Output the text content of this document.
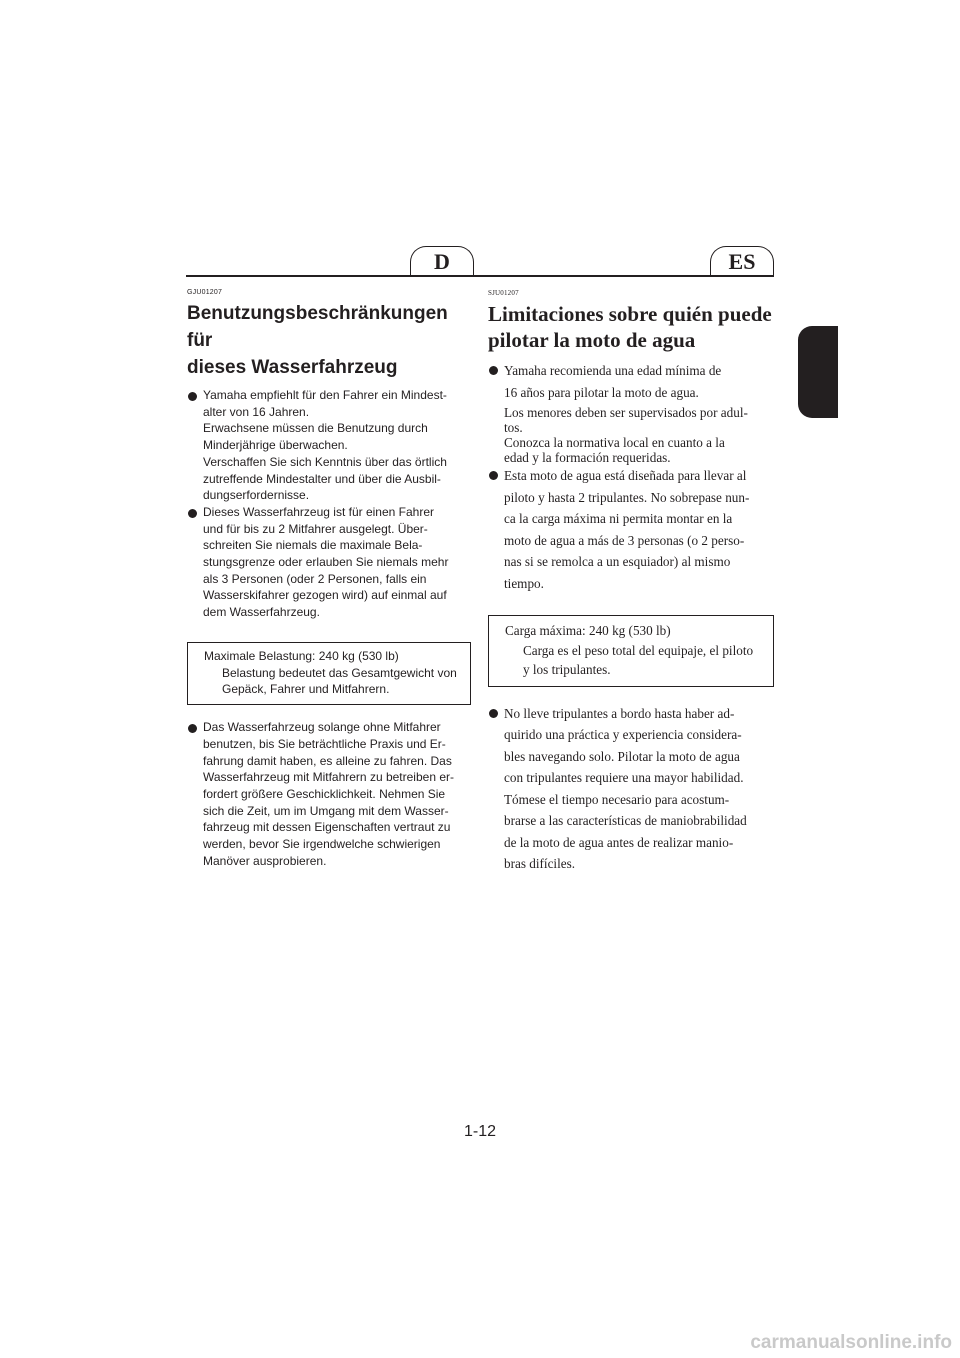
D	ES
GJU01207
Benutzungsbeschränkungen für
dieses Wasserfahrzeug

Yamaha empfiehlt für den Fahrer ein Mindest-
alter von 16 Jahren.
Erwachsene müssen die Benutzung durch
Minderjährige überwachen.
Verschaffen Sie sich Kenntnis über das örtlich
zutreffende Mindestalter und über die Ausbil-
dungserfordernisse.

Dieses Wasserfahrzeug ist für einen Fahrer
und für bis zu 2 Mitfahrer ausgelegt. Über-
schreiten Sie niemals die maximale Bela-
stungsgrenze oder erlauben Sie niemals mehr
als 3 Personen (oder 2 Personen, falls ein
Wasserskifahrer gezogen wird) auf einmal auf
dem Wasserfahrzeug.

Maximale Belastung: 240 kg (530 lb)
Belastung bedeutet das Gesamtgewicht von
Gepäck, Fahrer und Mitfahrern.

Das Wasserfahrzeug solange ohne Mitfahrer
benutzen, bis Sie beträchtliche Praxis und Er-
fahrung damit haben, es alleine zu fahren. Das
Wasserfahrzeug mit Mitfahrern zu betreiben er-
fordert größere Geschicklichkeit. Nehmen Sie
sich die Zeit, um im Umgang mit dem Wasser-
fahrzeug mit dessen Eigenschaften vertraut zu
werden, bevor Sie irgendwelche schwierigen
Manöver ausprobieren.

SJU01207
Limitaciones sobre quién puede
pilotar la moto de agua

Yamaha recomienda una edad mínima de
16 años para pilotar la moto de agua.

Los menores deben ser supervisados por adul-
tos.
Conozca la normativa local en cuanto a la
edad y la formación requeridas.

Esta moto de agua está diseñada para llevar al
piloto y hasta 2 tripulantes. No sobrepase nun-
ca la carga máxima ni permita montar en la
moto de agua a más de 3 personas (o 2 perso-
nas si se remolca a un esquiador) al mismo
tiempo.

Carga máxima: 240 kg (530 lb)
Carga es el peso total del equipaje, el piloto
y los tripulantes.

No lleve tripulantes a bordo hasta haber ad-
quirido una práctica y experiencia considera-
bles navegando solo. Pilotar la moto de agua
con tripulantes requiere una mayor habilidad.
Tómese el tiempo necesario para acostum-
brarse a las características de maniobrabilidad
de la moto de agua antes de realizar manio-
bras difíciles.

1-12
carmanualsonline.info
